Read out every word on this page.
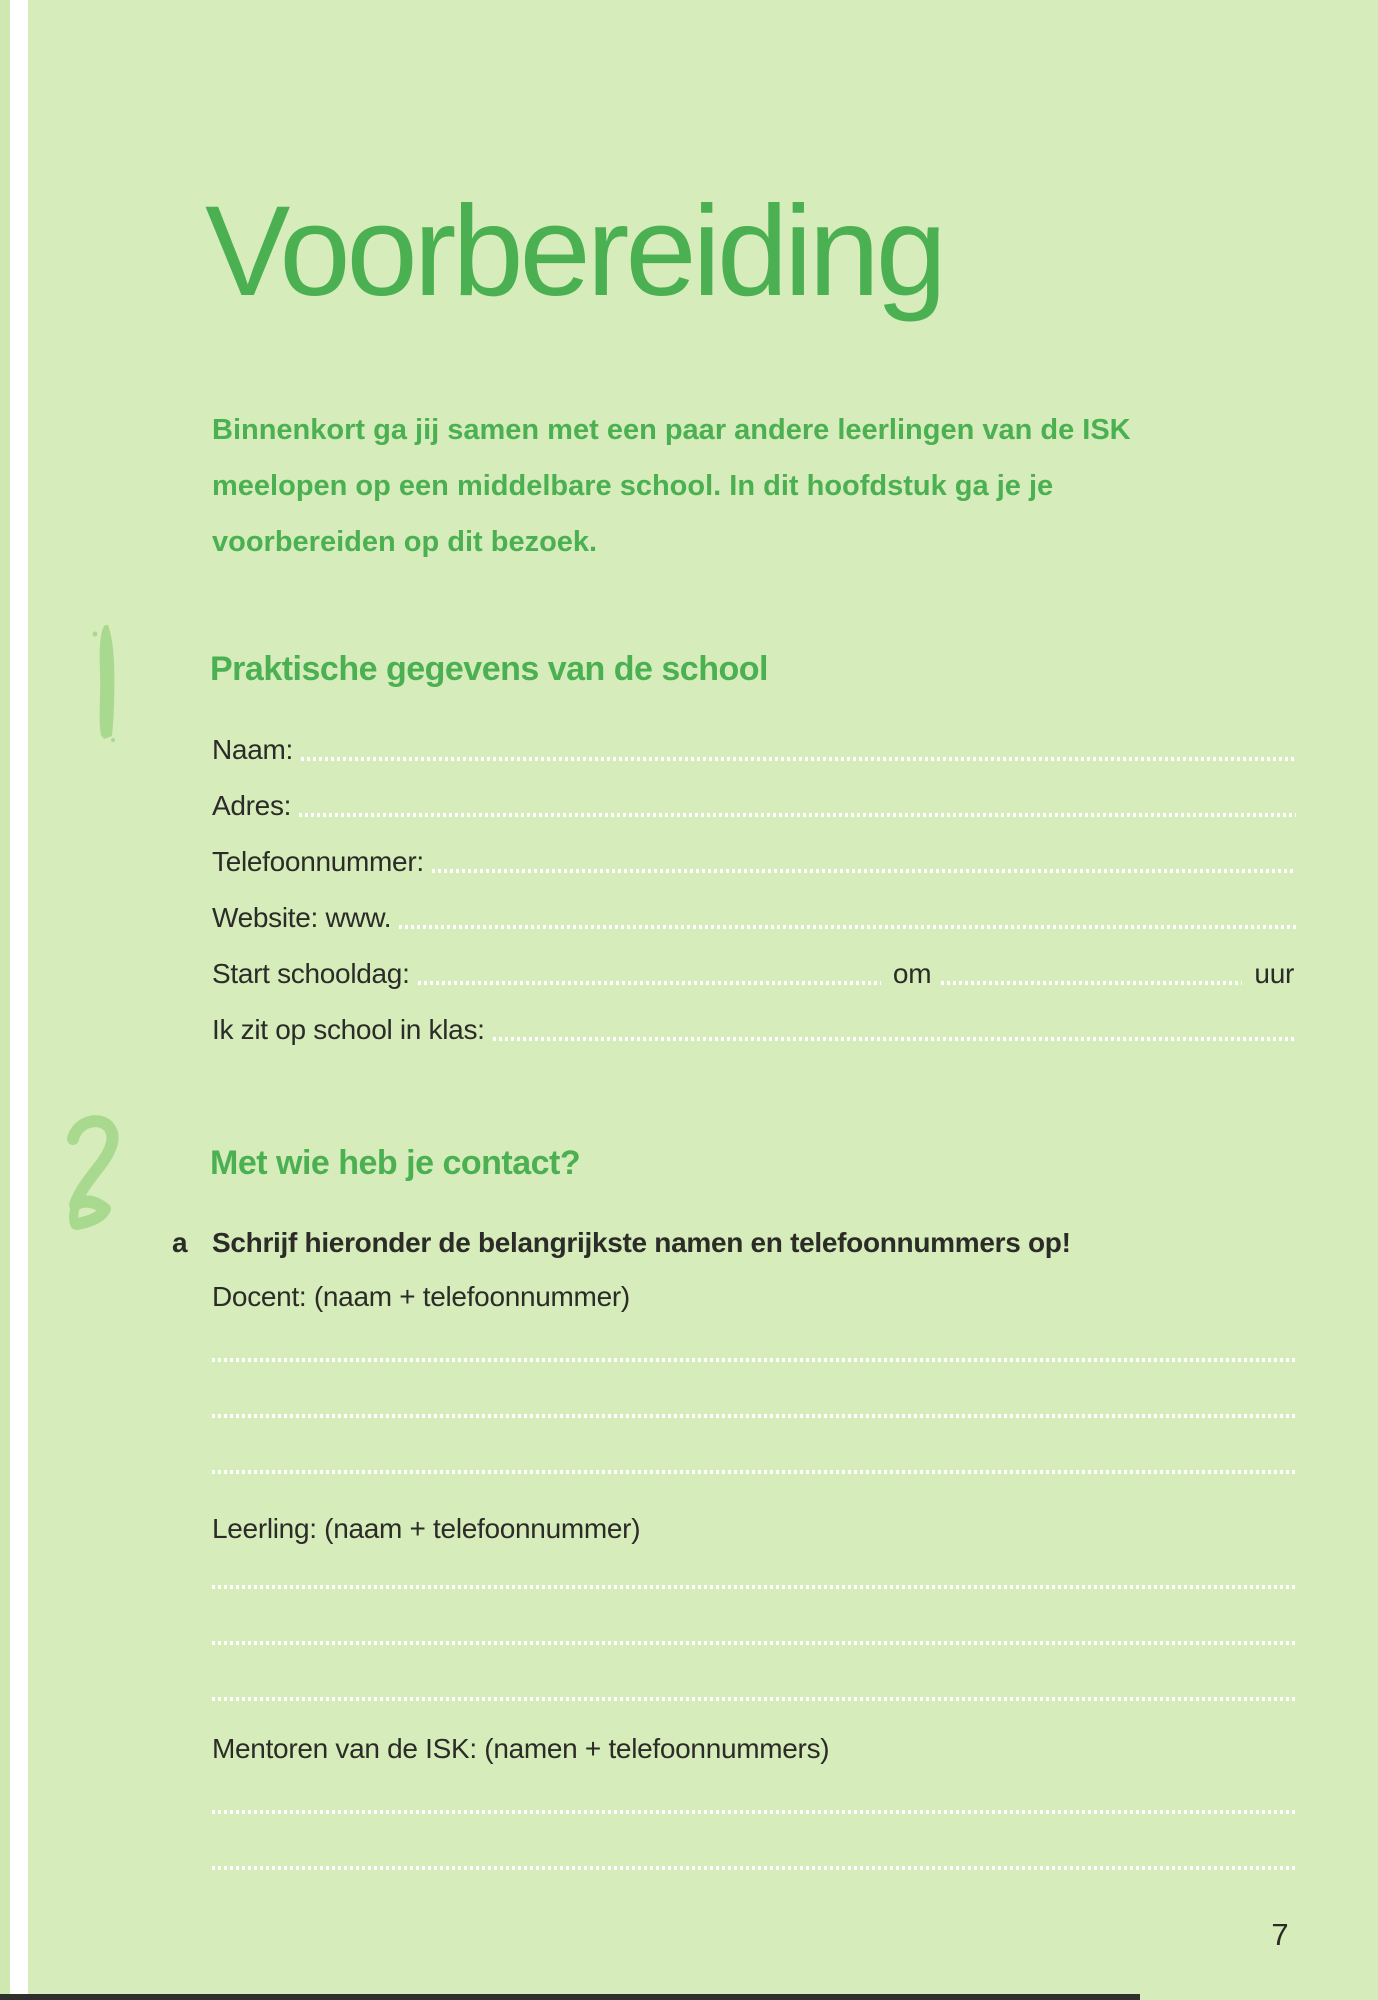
Voorbereiding
Binnenkort ga jij samen met een paar andere leerlingen van de ISK
meelopen op een middelbare school. In dit hoofdstuk ga je je
voorbereiden op dit bezoek.
Praktische gegevens van de school
Naam:
Adres:
Telefoonnummer:
Website: www.
Start schooldag:	om	uur
Ik zit op school in klas:
Met wie heb je contact?
a Schrijf hieronder de belangrijkste namen en telefoonnummers op!
Docent: (naam + telefoonnummer)
Leerling: (naam + telefoonnummer)
Mentoren van de ISK: (namen + telefoonnummers)
7
